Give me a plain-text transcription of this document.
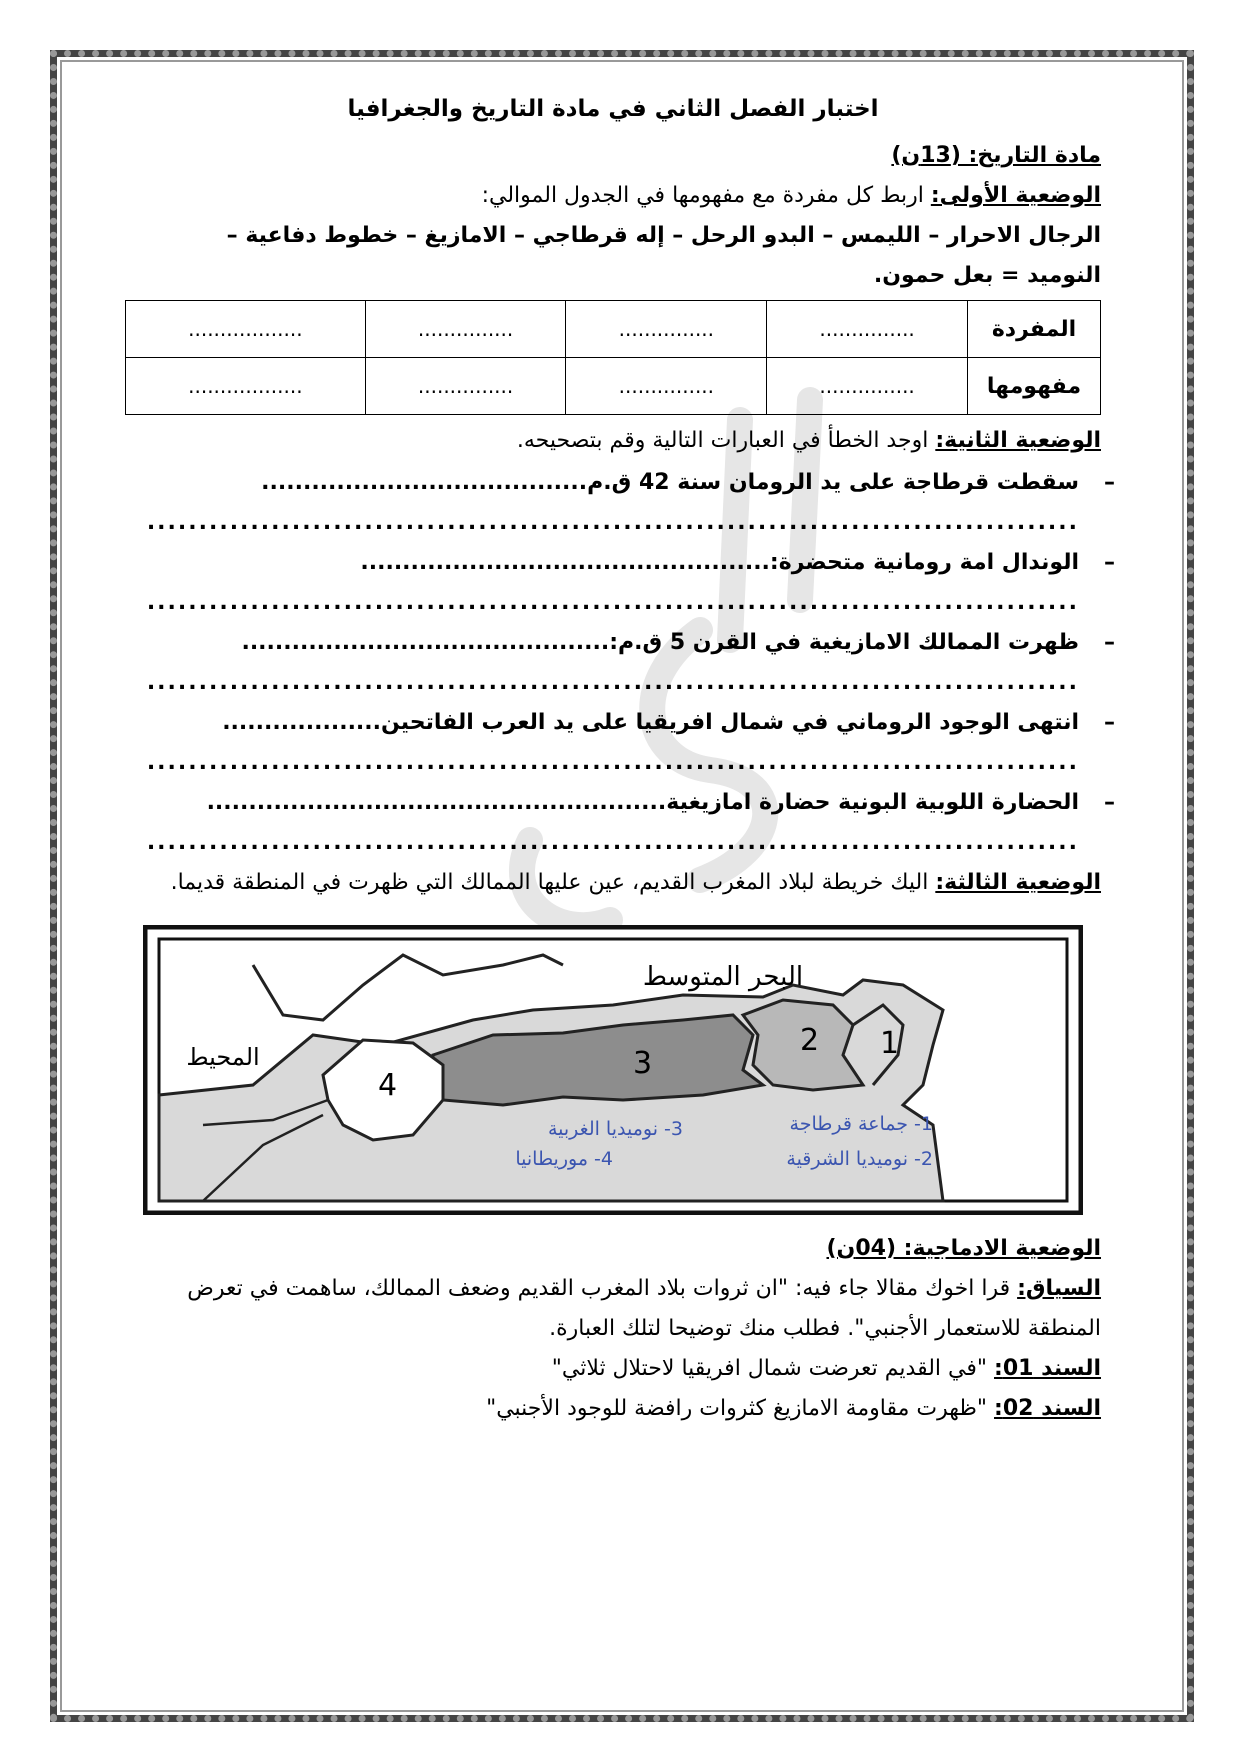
اختبار الفصل الثاني في مادة التاريخ والجغرافيا

مادة التاريخ: (13ن)

الوضعية الأولى: اربط كل مفردة مع مفهومها في الجدول الموالي:

الرجال الاحرار – الليمس – البدو الرحل – إله قرطاجي – الامازيغ – خطوط دفاعية –

النوميد = بعل حمون.

المفردة	...............	...............	...............	..................
مفهومها	...............	...............	...............	..................

الوضعية الثانية: اوجد الخطأ في العبارات التالية وقم بتصحيحه.

– سقطت قرطاجة على يد الرومان سنة 42 ق.م.......................................
..........................................................................................
– الوندال امة رومانية متحضرة:.................................................
..........................................................................................
– ظهرت الممالك الامازيغية في القرن 5 ق.م:............................................
..........................................................................................
– انتهى الوجود الروماني في شمال افريقيا على يد العرب الفاتحين...................
..........................................................................................
– الحضارة اللوبية البونية حضارة امازيغية.......................................................
..........................................................................................

الوضعية الثالثة: اليك خريطة لبلاد المغرب القديم، عين عليها الممالك التي ظهرت في المنطقة قديما.

1
2
3
4
البحر المتوسط
المحيط
1- جماعة قرطاجة
2- نوميديا الشرقية
3- نوميديا الغربية
4- موريطانيا

الوضعية الادماجية: (04ن)

السياق: قرا اخوك مقالا جاء فيه: "ان ثروات بلاد المغرب القديم وضعف الممالك، ساهمت في تعرض المنطقة للاستعمار الأجنبي". فطلب منك توضيحا لتلك العبارة.

السند 01: "في القديم تعرضت شمال افريقيا لاحتلال ثلاثي"

السند 02: "ظهرت مقاومة الامازيغ كثروات رافضة للوجود الأجنبي"
